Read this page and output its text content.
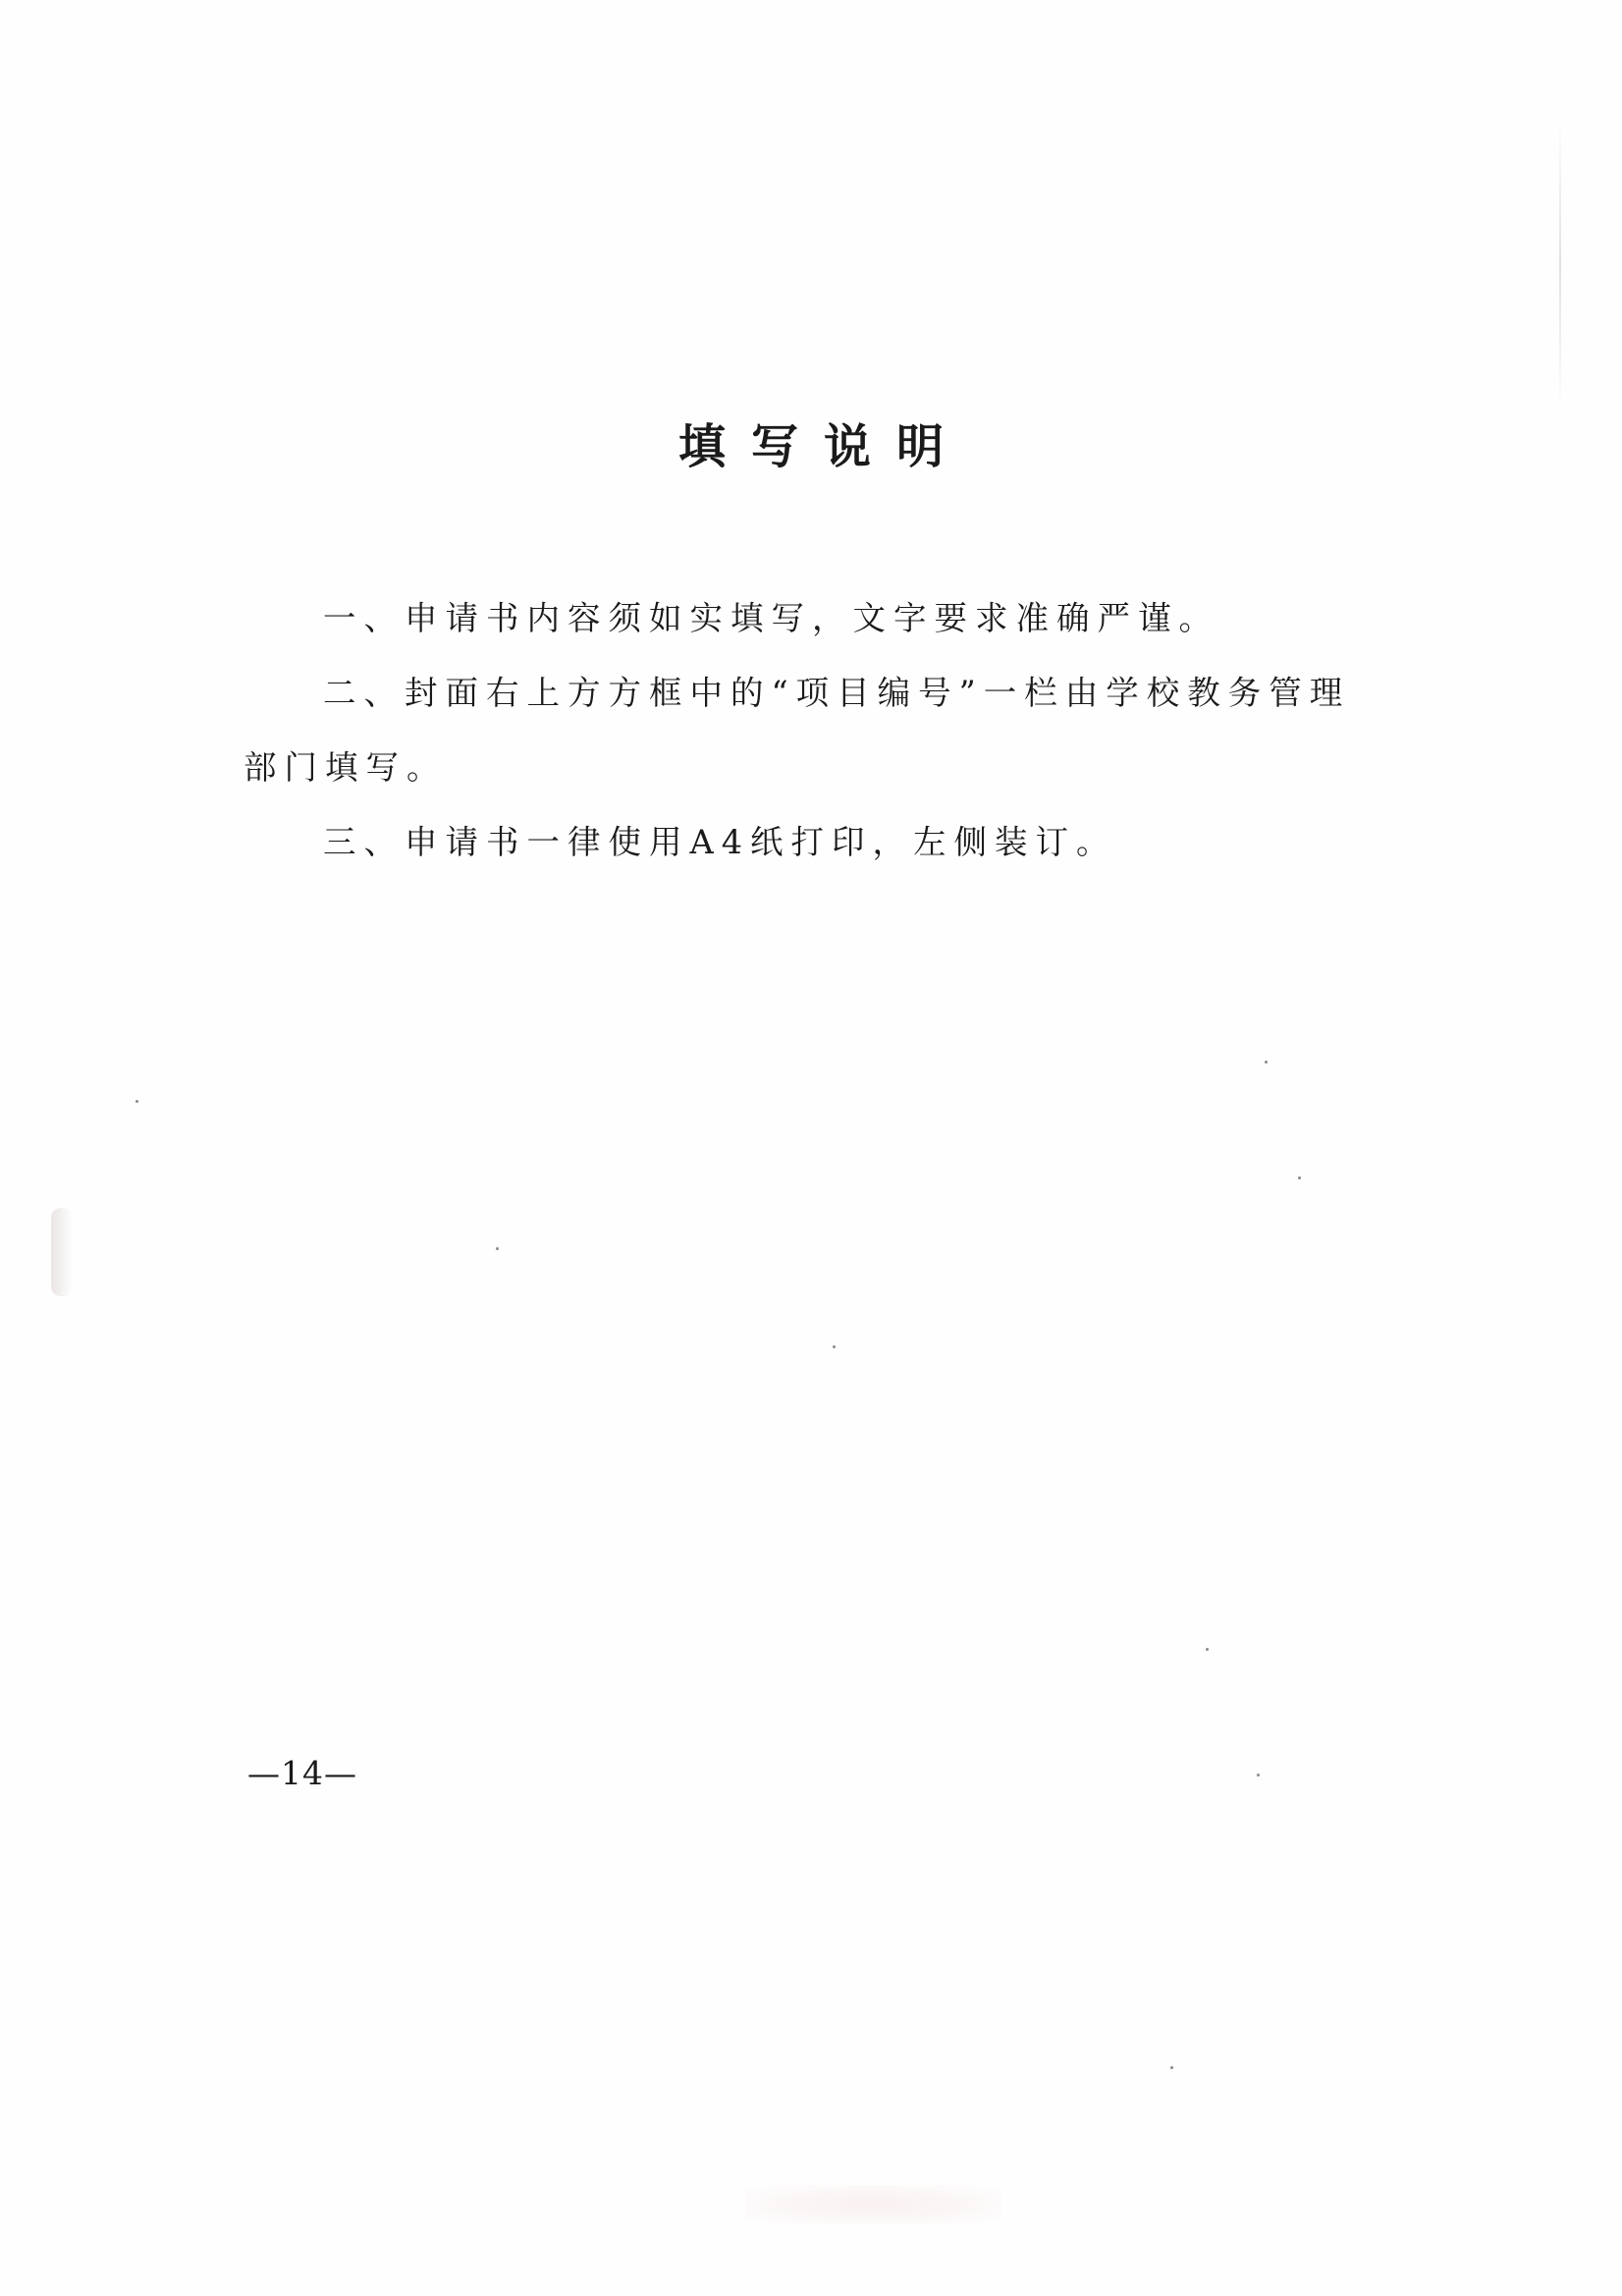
填写说明

一、申请书内容须如实填写，文字要求准确严谨。

二、封面右上方方框中的“项目编号”一栏由学校教务管理部门填写。

三、申请书一律使用A4纸打印，左侧装订。

—14—
